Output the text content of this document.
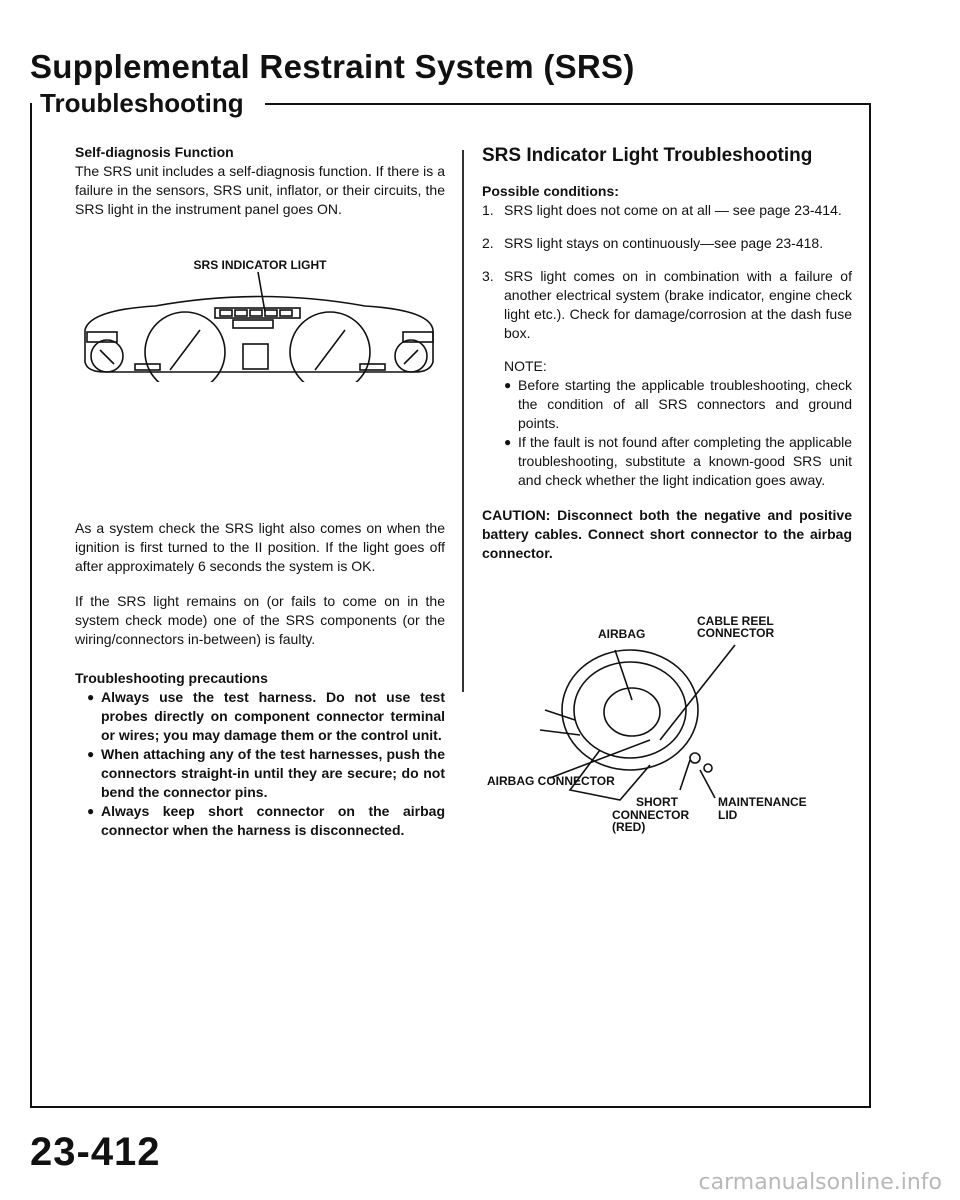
Supplemental Restraint System (SRS)
Troubleshooting
Self-diagnosis Function

The SRS unit includes a self-diagnosis function. If there is a failure in the sensors, SRS unit, inflator, or their circuits, the SRS light in the instrument panel goes ON.

SRS INDICATOR LIGHT

As a system check the SRS light also comes on when the ignition is first turned to the II position. If the light goes off after approximately 6 seconds the system is OK.

If the SRS light remains on (or fails to come on in the system check mode) one of the SRS components (or the wiring/connectors in-between) is faulty.

Troubleshooting precautions
● Always use the test harness. Do not use test probes directly on component connector terminal or wires; you may damage them or the control unit.
● When attaching any of the test harnesses, push the connectors straight-in until they are secure; do not bend the connector pins.
● Always keep short connector on the airbag connector when the harness is disconnected.
SRS Indicator Light Troubleshooting
Possible conditions:
1. SRS light does not come on at all — see page 23-414.
2. SRS light stays on continuously—see page 23-418.
3. SRS light comes on in combination with a failure of another electrical system (brake indicator, engine check light etc.). Check for damage/corrosion at the dash fuse box.
NOTE:
● Before starting the applicable troubleshooting, check the condition of all SRS connectors and ground points.
● If the fault is not found after completing the applicable troubleshooting, substitute a known-good SRS unit and check whether the light indication goes away.

CAUTION: Disconnect both the negative and positive battery cables. Connect short connector to the airbag connector.

AIRBAG
CABLE REEL
CONNECTOR
AIRBAG CONNECTOR
SHORT
CONNECTOR
(RED)
MAINTENANCE
LID
23-412
carmanualsonline.info
